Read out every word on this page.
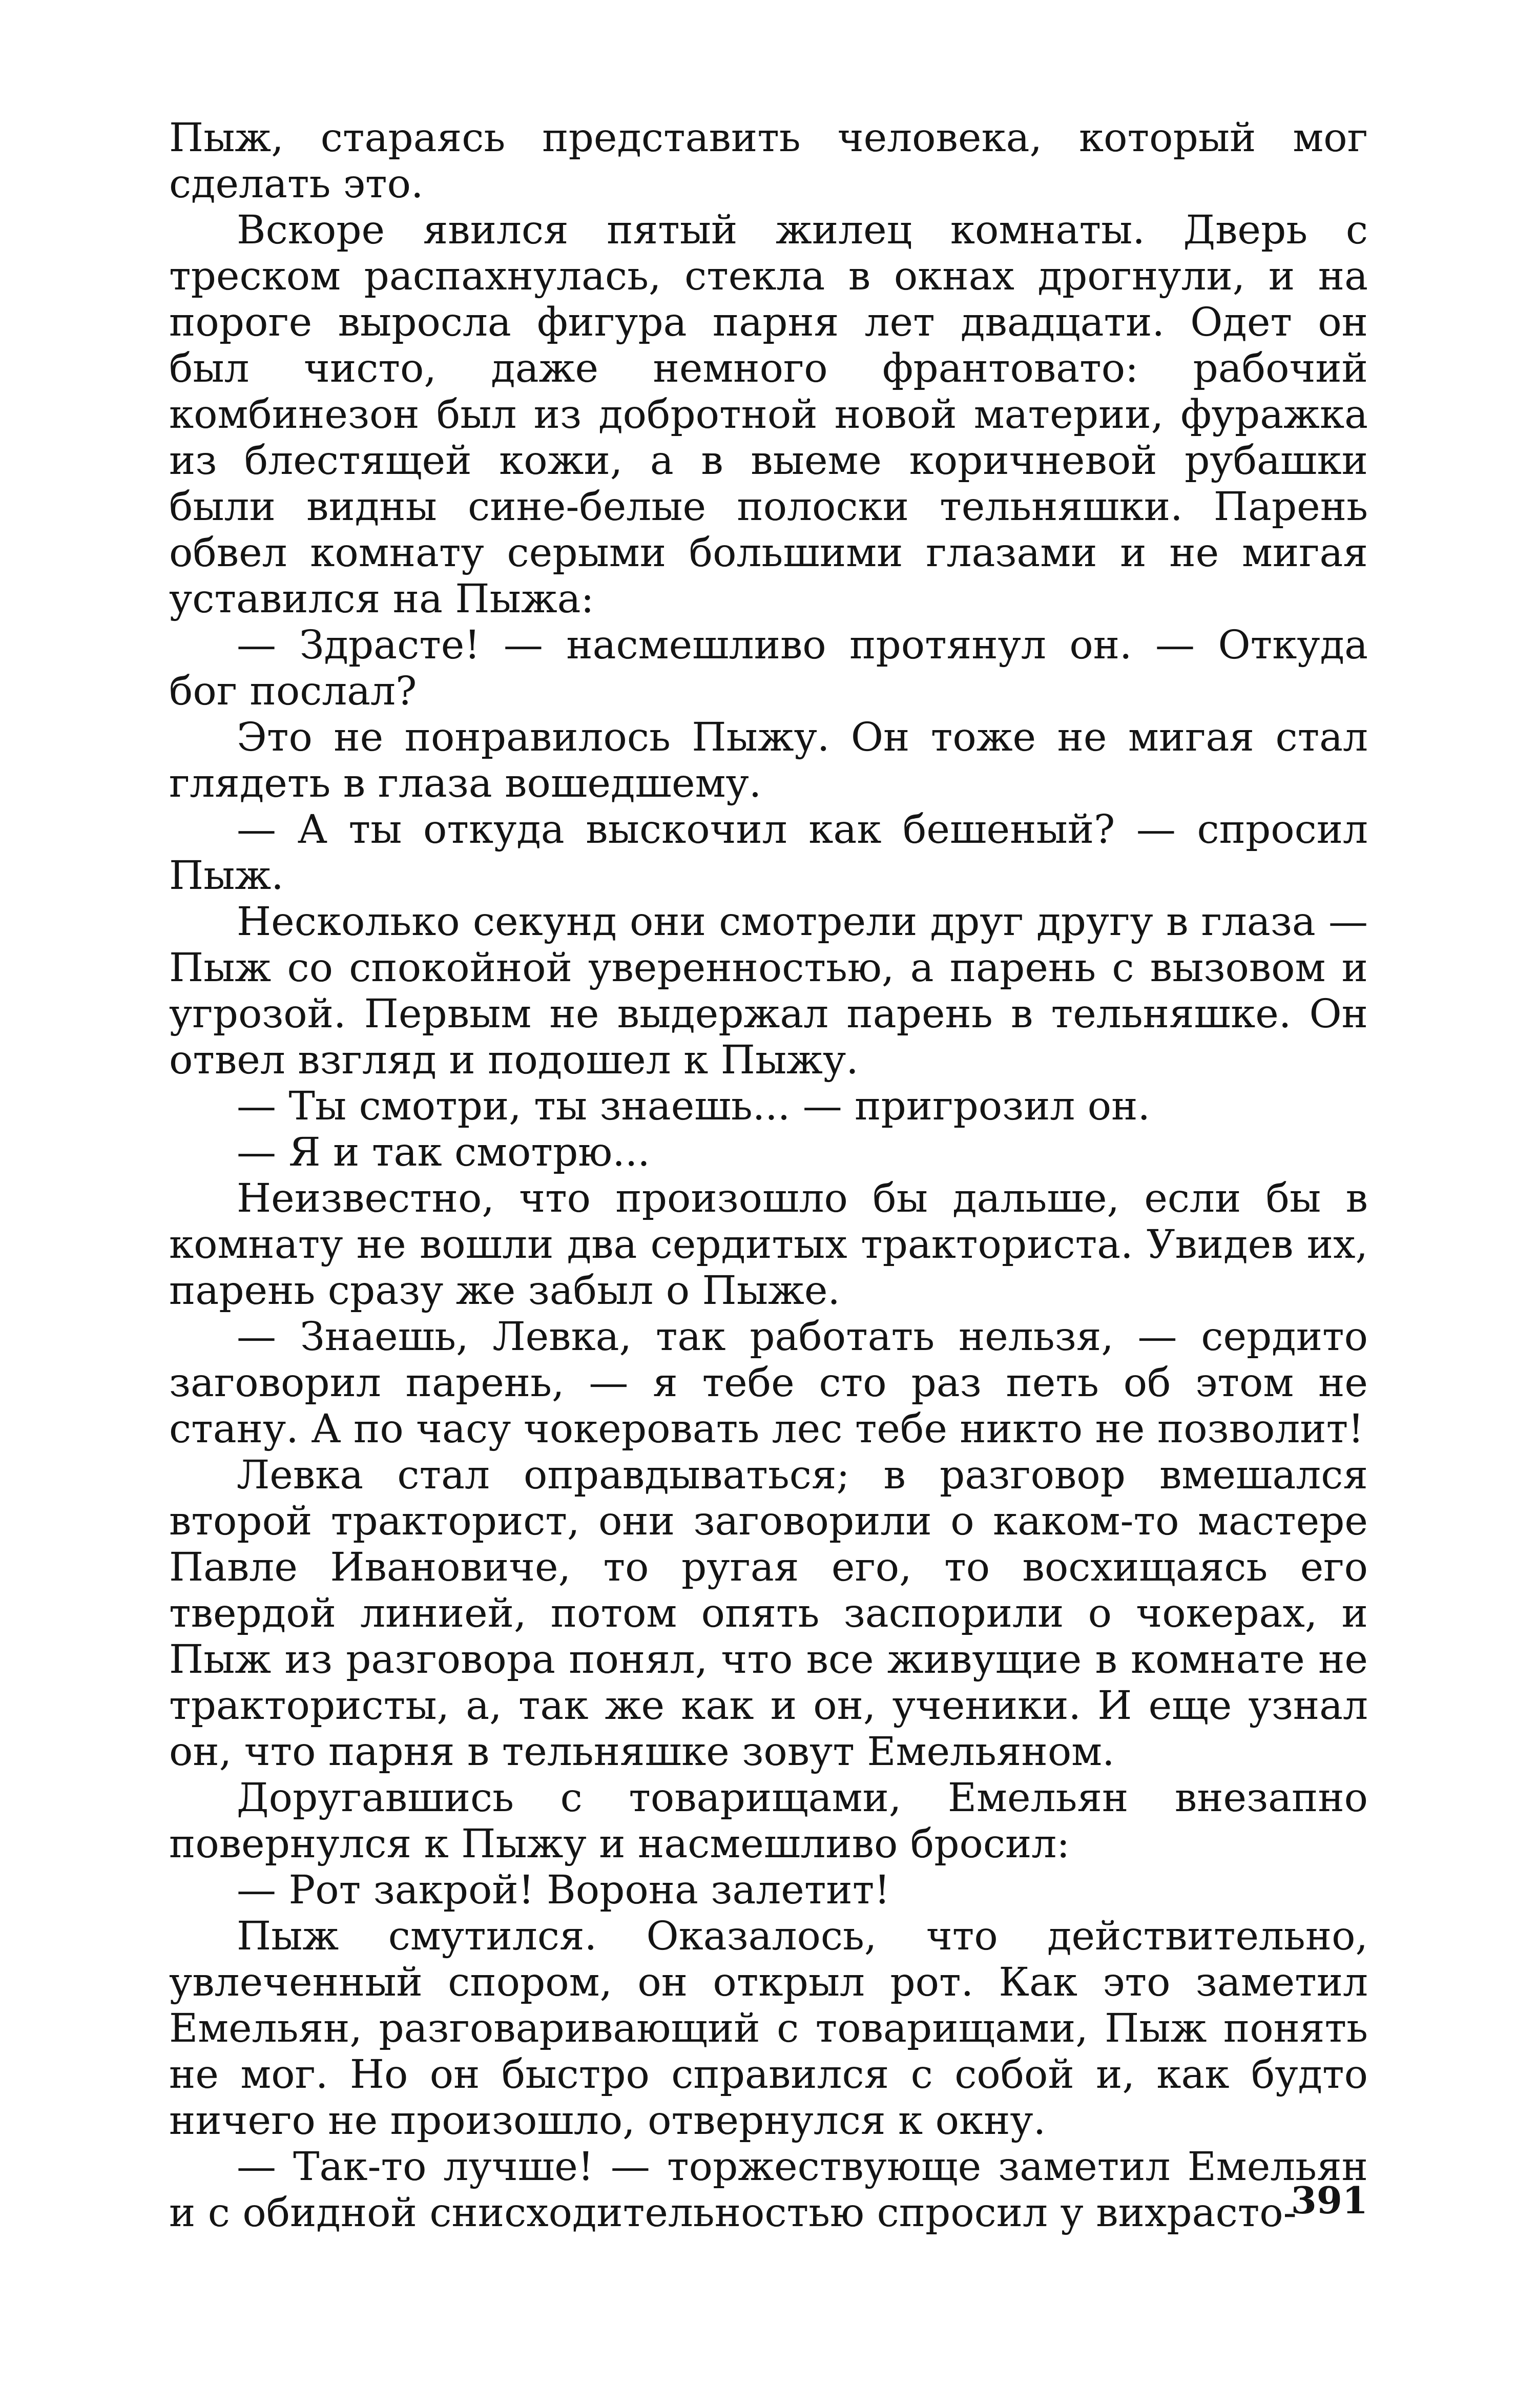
Пыж, стараясь представить человека, который мог сделать это.

Вскоре явился пятый жилец комнаты. Дверь с треском распахнулась, стекла в окнах дрогнули, и на пороге выросла фигура парня лет двадцати. Одет он был чисто, даже немного франтовато: рабочий комбинезон был из добротной новой материи, фуражка из блестящей кожи, а в выеме коричневой рубашки были видны сине-белые полоски тельняшки. Парень обвел комнату серыми большими глазами и не мигая уставился на Пыжа:

— Здрасте! — насмешливо протянул он. — Откуда бог послал?

Это не понравилось Пыжу. Он тоже не мигая стал глядеть в глаза вошедшему.

— А ты откуда выскочил как бешеный? — спросил Пыж.

Несколько секунд они смотрели друг другу в глаза — Пыж со спокойной уверенностью, а парень с вызовом и угрозой. Первым не выдержал парень в тельняшке. Он отвел взгляд и подошел к Пыжу.

— Ты смотри, ты знаешь... — пригрозил он.

— Я и так смотрю...

Неизвестно, что произошло бы дальше, если бы в комнату не вошли два сердитых тракториста. Увидев их, парень сразу же забыл о Пыже.

— Знаешь, Левка, так работать нельзя, — сердито заговорил парень, — я тебе сто раз петь об этом не стану. А по часу чокеровать лес тебе никто не позволит!

Левка стал оправдываться; в разговор вмешался второй тракторист, они заговорили о каком-то мастере Павле Ивановиче, то ругая его, то восхищаясь его твердой линией, потом опять заспорили о чокерах, и Пыж из разговора понял, что все живущие в комнате не трактористы, а, так же как и он, ученики. И еще узнал он, что парня в тельняшке зовут Емельяном.

Доругавшись с товарищами, Емельян внезапно повернулся к Пыжу и насмешливо бросил:

— Рот закрой! Ворона залетит!

Пыж смутился. Оказалось, что действительно, увлеченный спором, он открыл рот. Как это заметил Емельян, разговаривающий с товарищами, Пыж понять не мог. Но он быстро справился с собой и, как будто ничего не произошло, отвернулся к окну.

— Так-то лучше! — торжествующе заметил Емельян и с обидной снисходительностью спросил у вихрасто-

391
